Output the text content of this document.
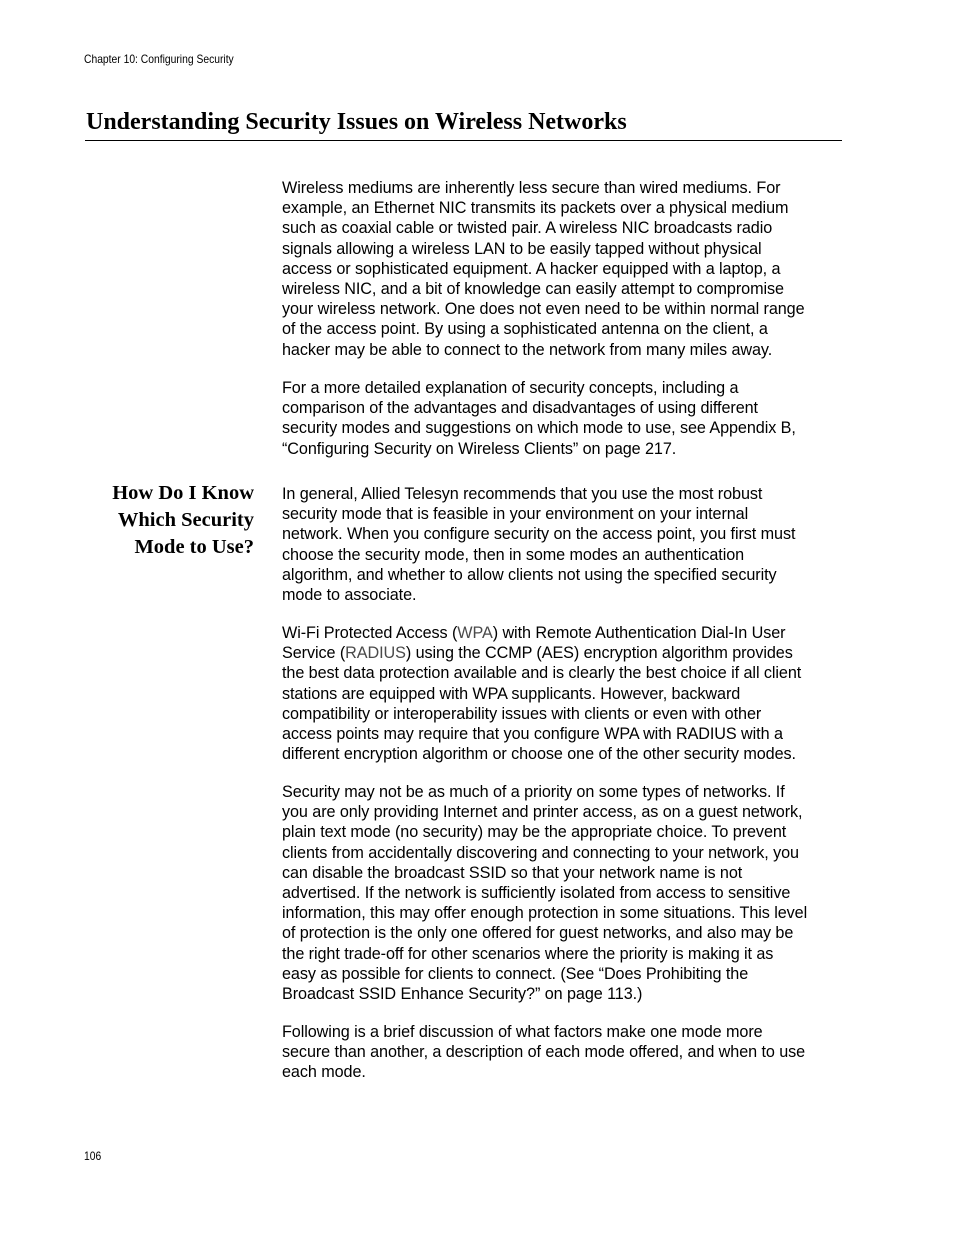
Chapter 10: Configuring Security
Understanding Security Issues on Wireless Networks

Wireless mediums are inherently less secure than wired mediums. For
example, an Ethernet NIC transmits its packets over a physical medium
such as coaxial cable or twisted pair. A wireless NIC broadcasts radio
signals allowing a wireless LAN to be easily tapped without physical
access or sophisticated equipment. A hacker equipped with a laptop, a
wireless NIC, and a bit of knowledge can easily attempt to compromise
your wireless network. One does not even need to be within normal range
of the access point. By using a sophisticated antenna on the client, a
hacker may be able to connect to the network from many miles away.

For a more detailed explanation of security concepts, including a
comparison of the advantages and disadvantages of using different
security modes and suggestions on which mode to use, see Appendix B,
“Configuring Security on Wireless Clients” on page 217.

How Do I Know
Which Security
Mode to Use?

In general, Allied Telesyn recommends that you use the most robust
security mode that is feasible in your environment on your internal
network. When you configure security on the access point, you first must
choose the security mode, then in some modes an authentication
algorithm, and whether to allow clients not using the specified security
mode to associate.

Wi-Fi Protected Access (WPA) with Remote Authentication Dial-In User
Service (RADIUS) using the CCMP (AES) encryption algorithm provides
the best data protection available and is clearly the best choice if all client
stations are equipped with WPA supplicants. However, backward
compatibility or interoperability issues with clients or even with other
access points may require that you configure WPA with RADIUS with a
different encryption algorithm or choose one of the other security modes.

Security may not be as much of a priority on some types of networks. If
you are only providing Internet and printer access, as on a guest network,
plain text mode (no security) may be the appropriate choice. To prevent
clients from accidentally discovering and connecting to your network, you
can disable the broadcast SSID so that your network name is not
advertised. If the network is sufficiently isolated from access to sensitive
information, this may offer enough protection in some situations. This level
of protection is the only one offered for guest networks, and also may be
the right trade-off for other scenarios where the priority is making it as
easy as possible for clients to connect. (See “Does Prohibiting the
Broadcast SSID Enhance Security?” on page 113.)

Following is a brief discussion of what factors make one mode more
secure than another, a description of each mode offered, and when to use
each mode.

106
